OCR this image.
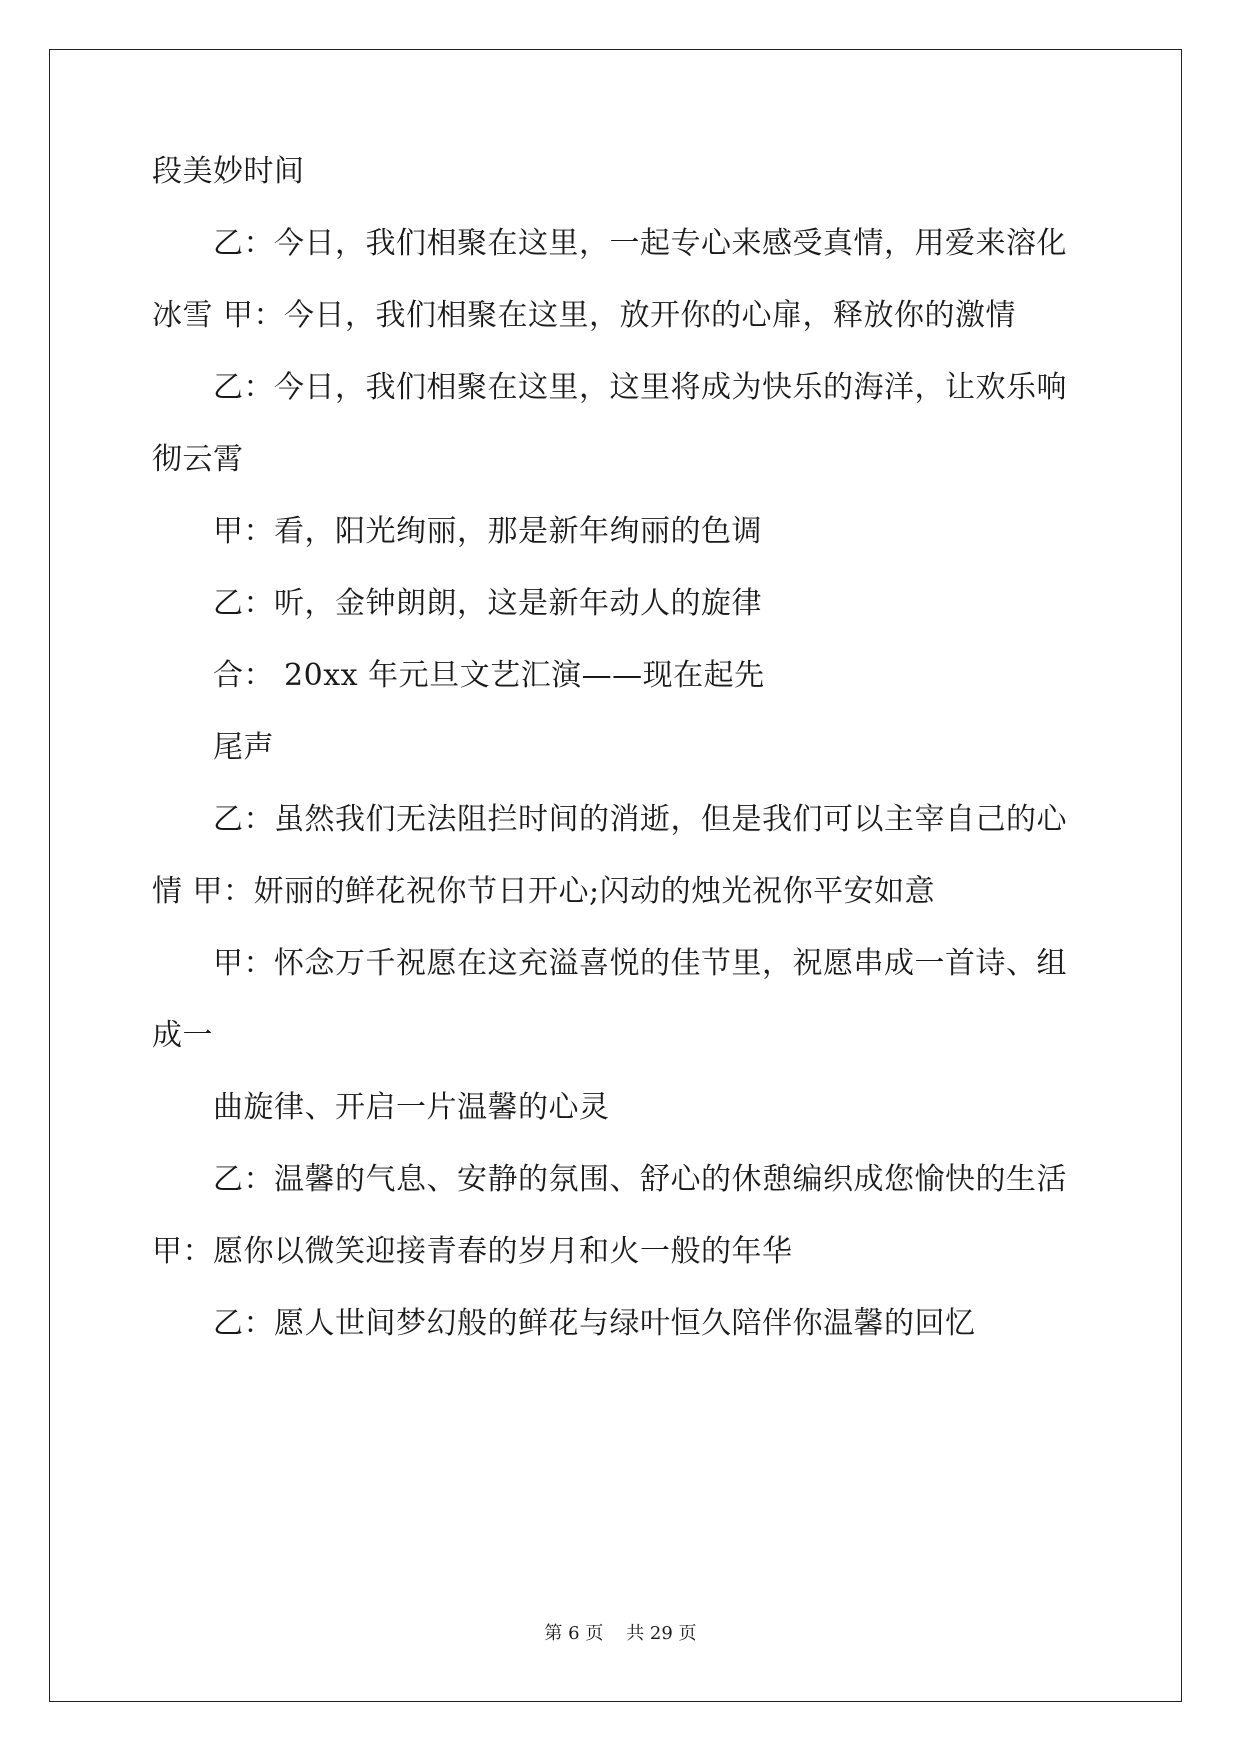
段美妙时间
乙：今日，我们相聚在这里，一起专心来感受真情，用爱来溶化
冰雪 甲：今日，我们相聚在这里，放开你的心扉，释放你的激情
乙：今日，我们相聚在这里，这里将成为快乐的海洋，让欢乐响
彻云霄
甲：看，阳光绚丽，那是新年绚丽的色调
乙：听，金钟朗朗，这是新年动人的旋律
合： 20xx 年元旦文艺汇演——现在起先
尾声
乙：虽然我们无法阻拦时间的消逝，但是我们可以主宰自己的心
情 甲：妍丽的鲜花祝你节日开心;闪动的烛光祝你平安如意
甲：怀念万千祝愿在这充溢喜悦的佳节里，祝愿串成一首诗、组
成一
曲旋律、开启一片温馨的心灵
乙：温馨的气息、安静的氛围、舒心的休憩编织成您愉快的生活
甲：愿你以微笑迎接青春的岁月和火一般的年华
乙：愿人世间梦幻般的鲜花与绿叶恒久陪伴你温馨的回忆
第 6 页    共 29 页
